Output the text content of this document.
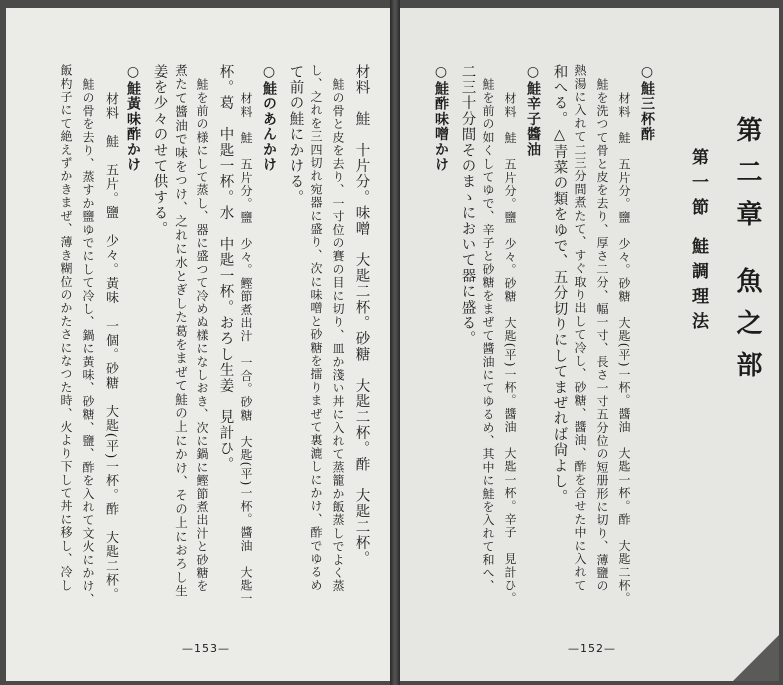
第二章 魚之部
第一節 鮭調理法
○鮭三杯酢
材料　鮭　五片分。鹽　少々。砂糖　大匙(平)一杯。醬油　大匙一杯。酢　大匙二杯。
鮭を洗つて骨と皮を去り、厚さ二分、幅一寸、長さ一寸五分位の短册形に切り、薄鹽の
熱湯に入れて二三分間煮たて、すぐ取り出して冷し、砂糖、醬油、酢を合せた中に入れて
和へる。△青菜の類をゆで、五分切りにしてまぜれば尙よし。
○鮭辛子醬油
材料　鮭　五片分。鹽　少々。砂糖　大匙(平)一杯。醬油　大匙一杯。辛子　見計ひ。
鮭を前の如くしてゆで、辛子と砂糖をまぜて醬油にてゆるめ、其中に鮭を入れて和へ、
二三十分間そのまゝにおいて器に盛る。
○鮭酢味噌かけ
—152—
材料　鮭　十片分。味噌　大匙二杯。砂糖　大匙二杯。酢　大匙二杯。
鮭の骨と皮を去り、一寸位の賽の目に切り、皿か淺い丼に入れて蒸籠か飯蒸しでよく蒸
し、之れを三四切れ宛器に盛り、次に味噌と砂糖を擂りまぜて裏漉しにかけ、酢でゆるめ
て前の鮭にかける。
○鮭のあんかけ
材料　鮭　五片分。鹽　少々。鰹節煮出汁　一合。砂糖　大匙(平)一杯。醬油　大匙一
杯。葛　中匙一杯。水　中匙一杯。おろし生姜　見計ひ。
鮭を前の様にして蒸し、器に盛つて冷めぬ樣になしおき、次に鍋に鰹節煮出汁と砂糖を
煮たて醬油で味をつけ、之れに水とぎした葛をまぜて鮭の上にかけ、その上におろし生
姜を少々のせて供する。
○鮭黃味酢かけ
材料　鮭　五片。鹽　少々。黃味　一個。砂糖　大匙(平)一杯。酢　大匙二杯。
鮭の骨を去り、蒸すか鹽ゆでにして冷し、鍋に黃味、砂糖、鹽、酢を入れて文火にかけ、
飯杓子にて絶えずかきまぜ、薄き糊位のかたさになつた時、火より下して丼に移し、冷し
—153—
